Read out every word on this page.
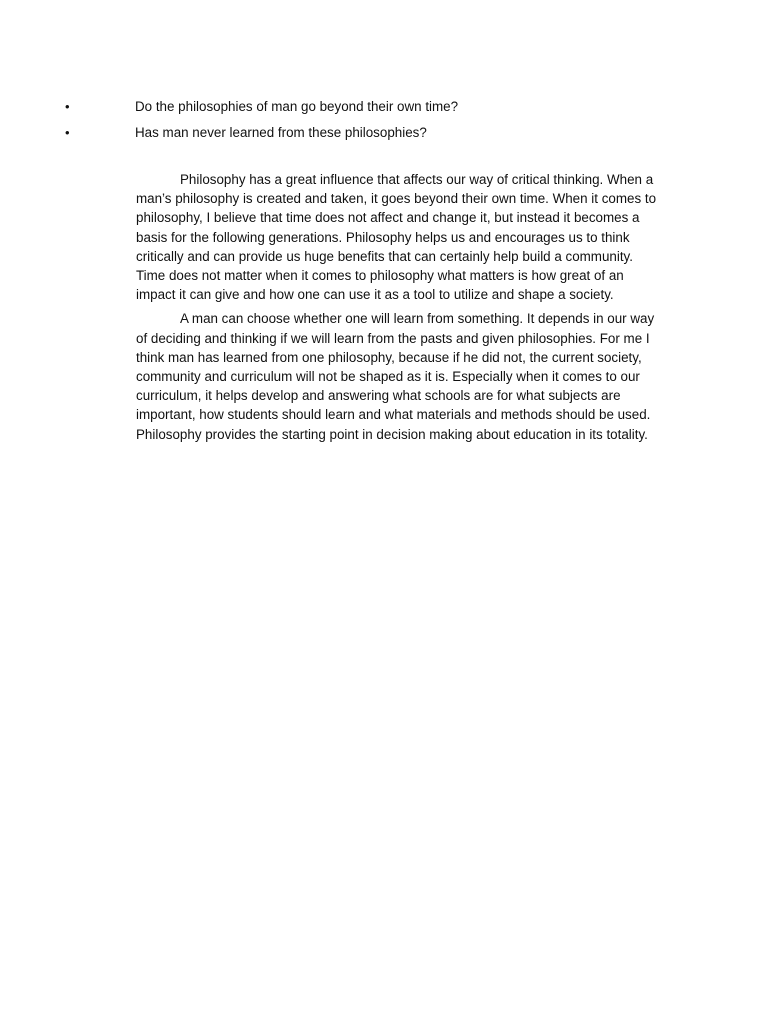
•	Do the philosophies of man go beyond their own time?
•	Has man never learned from these philosophies?
Philosophy has a great influence that affects our way of critical thinking. When a
man’s philosophy is created and taken, it goes beyond their own time. When it comes to
philosophy, I believe that time does not affect and change it, but instead it becomes a
basis for the following generations. Philosophy helps us and encourages us to think
critically and can provide us huge benefits that can certainly help build a community.
Time does not matter when it comes to philosophy what matters is how great of an
impact it can give and how one can use it as a tool to utilize and shape a society.
A man can choose whether one will learn from something. It depends in our way
of deciding and thinking if we will learn from the pasts and given philosophies. For me I
think man has learned from one philosophy, because if he did not, the current society,
community and curriculum will not be shaped as it is. Especially when it comes to our
curriculum, it helps develop and answering what schools are for what subjects are
important, how students should learn and what materials and methods should be used.
Philosophy provides the starting point in decision making about education in its totality.
